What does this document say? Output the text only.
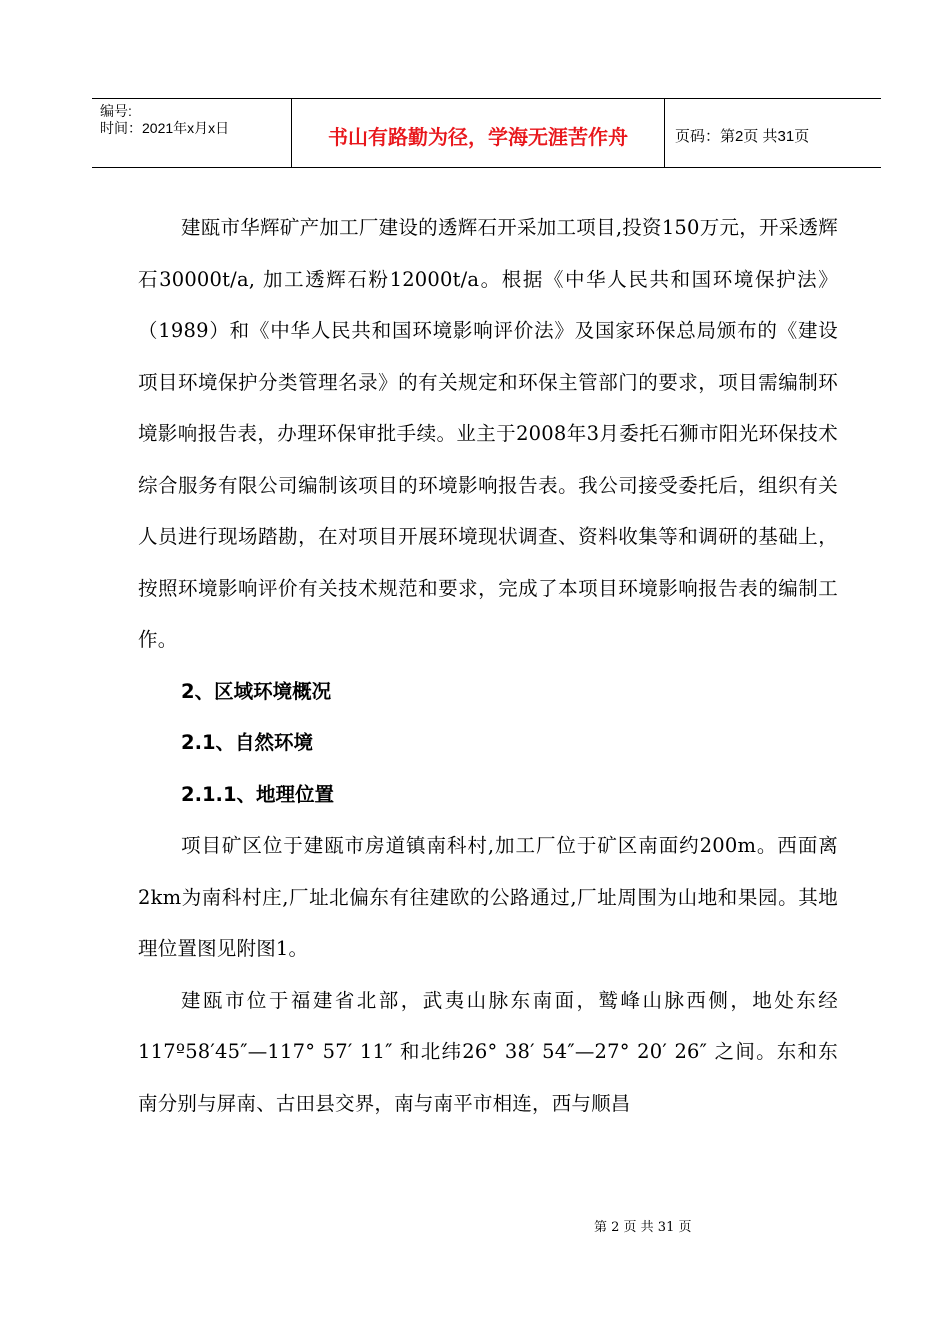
编号:
时间：2021年x月x日	书山有路勤为径，学海无涯苦作舟	页码：第2页 共31页

建瓯市华辉矿产加工厂建设的透辉石开采加工项目,投资150万元，开采透辉石30000t/a, 加工透辉石粉12000t/a。根据《中华人民共和国环境保护法》（1989）和《中华人民共和国环境影响评价法》及国家环保总局颁布的《建设项目环境保护分类管理名录》的有关规定和环保主管部门的要求，项目需编制环境影响报告表，办理环保审批手续。业主于2008年3月委托石狮市阳光环保技术综合服务有限公司编制该项目的环境影响报告表。我公司接受委托后，组织有关人员进行现场踏勘，在对项目开展环境现状调查、资料收集等和调研的基础上，按照环境影响评价有关技术规范和要求，完成了本项目环境影响报告表的编制工作。

2、区域环境概况

2.1、自然环境

2.1.1、地理位置

项目矿区位于建瓯市房道镇南科村,加工厂位于矿区南面约200m。西面离2km为南科村庄,厂址北偏东有往建欧的公路通过,厂址周围为山地和果园。其地理位置图见附图1。

建瓯市位于福建省北部，武夷山脉东南面，鹫峰山脉西侧，地处东经117º58′45″—117° 57′ 11″ 和北纬26° 38′ 54″—27° 20′ 26″ 之间。东和东南分别与屏南、古田县交界，南与南平市相连，西与顺昌

第 2 页 共 31 页
